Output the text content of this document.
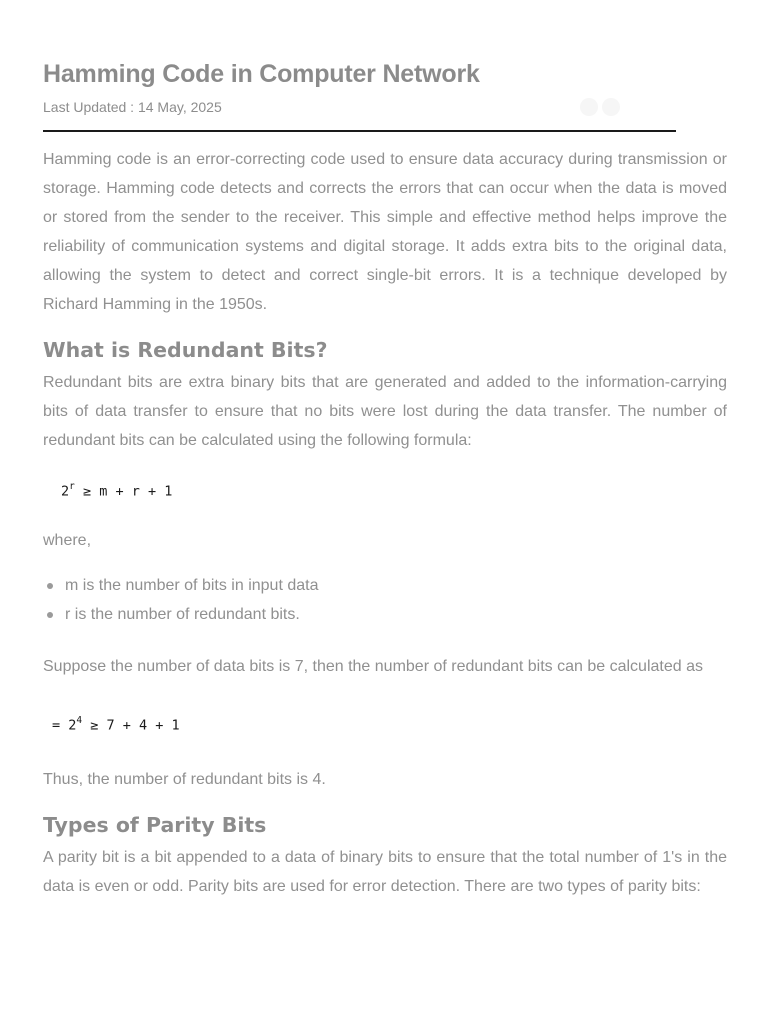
Hamming Code in Computer Network
Last Updated : 14 May, 2025

Hamming code is an error-correcting code used to ensure data accuracy during transmission or storage. Hamming code detects and corrects the errors that can occur when the data is moved or stored from the sender to the receiver. This simple and effective method helps improve the reliability of communication systems and digital storage. It adds extra bits to the original data, allowing the system to detect and correct single-bit errors. It is a technique developed by Richard Hamming in the 1950s.

What is Redundant Bits?

Redundant bits are extra binary bits that are generated and added to the information-carrying bits of data transfer to ensure that no bits were lost during the data transfer. The number of redundant bits can be calculated using the following formula:

$2^r \ge m + r + 1$

where,

m is the number of bits in input data
r is the number of redundant bits.

Suppose the number of data bits is 7, then the number of redundant bits can be calculated as

= $2^4 \ge 7 + 4 + 1$

Thus, the number of redundant bits is 4.

Types of Parity Bits

A parity bit is a bit appended to a data of binary bits to ensure that the total number of 1's in the data is even or odd. Parity bits are used for error detection. There are two types of parity bits:
